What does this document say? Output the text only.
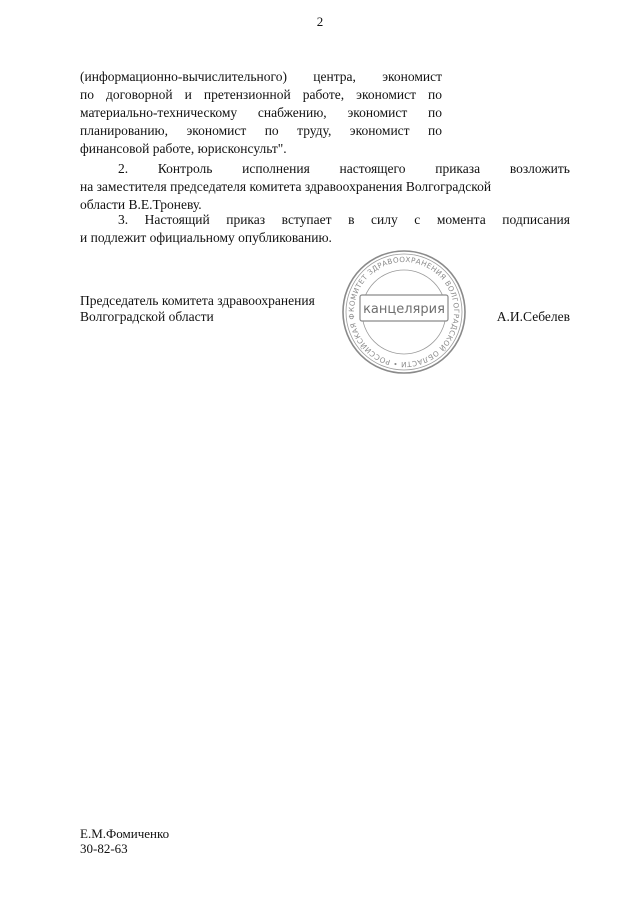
2
(информационно-вычислительного) центра, экономист
по договорной и претензионной работе, экономист по
материально-техническому снабжению, экономист по
планированию, экономист по труду, экономист по
финансовой работе, юрисконсульт".
2. Контроль исполнения настоящего приказа возложить
на заместителя председателя комитета здравоохранения Волгоградской
области В.Е.Троневу.
3. Настоящий приказ вступает в силу с момента подписания
и подлежит официальному опубликованию.
Председатель комитета здравоохранения
Волгоградской области	А.И.Себелев
КОМИТЕТ ЗДРАВООХРАНЕНИЯ ВОЛГОГРАДСКОЙ ОБЛАСТИ • РОССИЙСКАЯ Ф канцелярия
Е.М.Фомиченко
30-82-63
